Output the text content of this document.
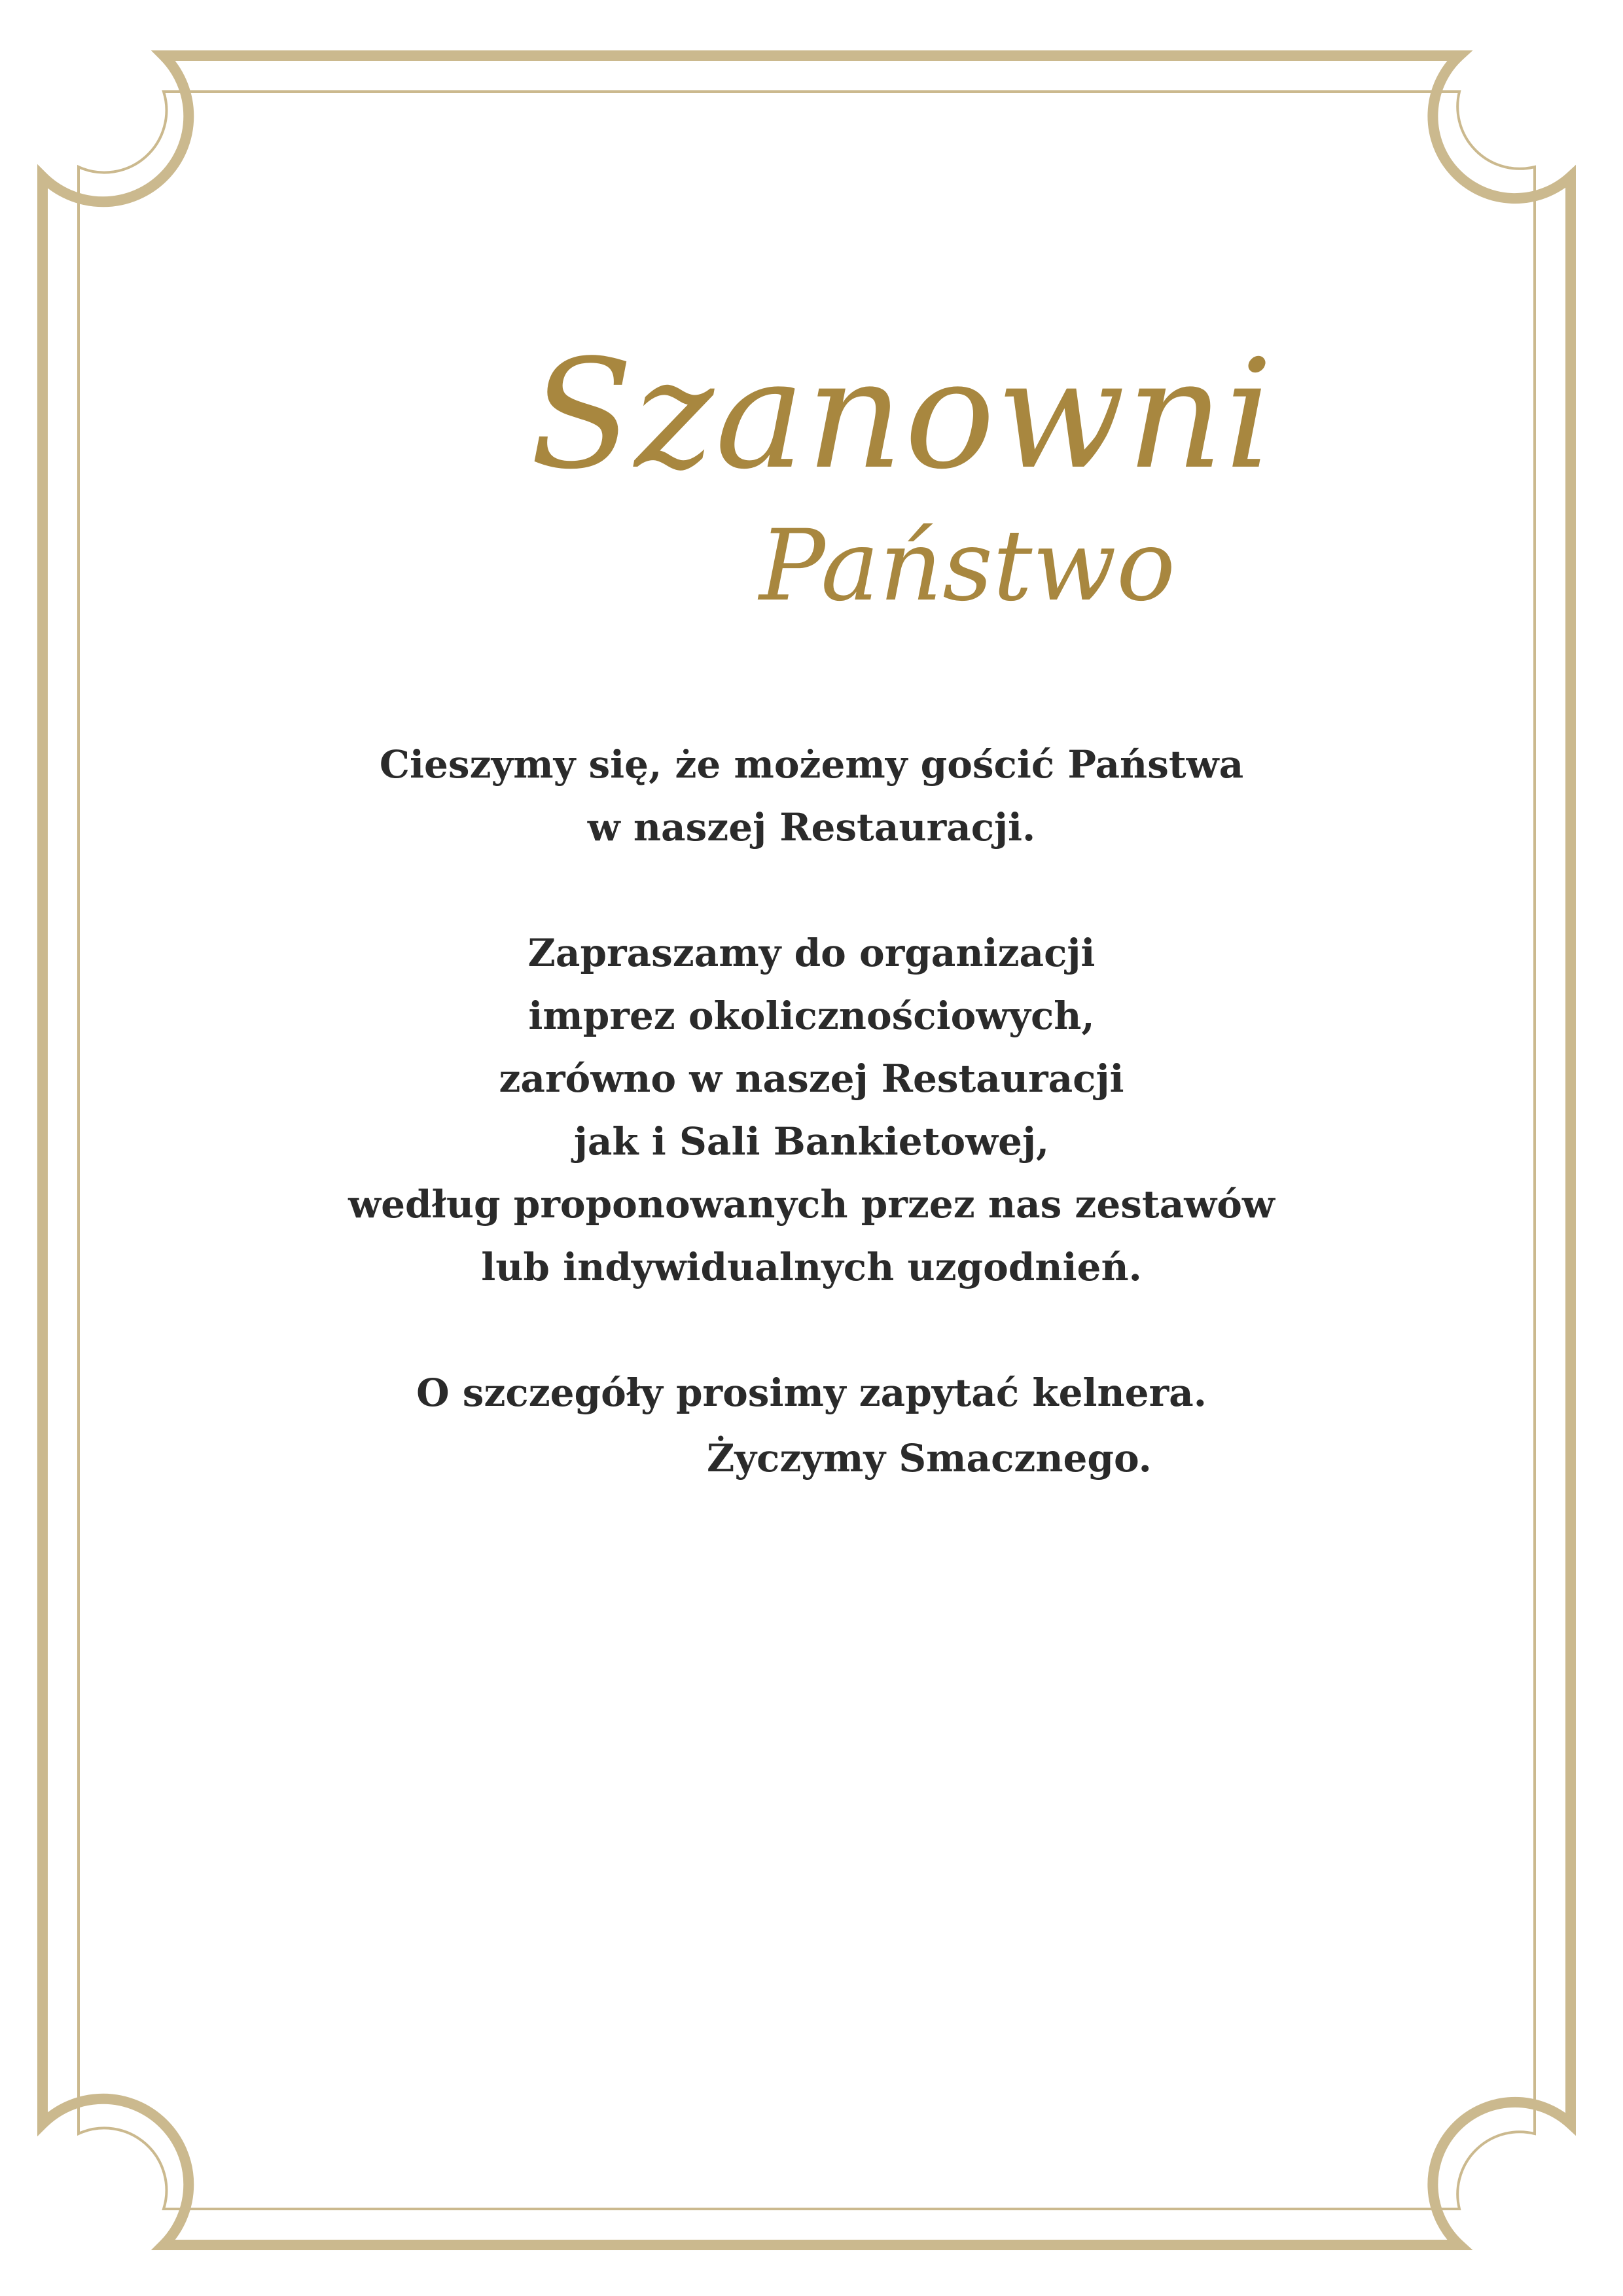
Szanowni
Państwo
Cieszymy się, że możemy gościć Państwa
w naszej Restauracji.
Zapraszamy do organizacji
imprez okolicznościowych,
zarówno w naszej Restauracji
jak i Sali Bankietowej,
według proponowanych przez nas zestawów
lub indywidualnych uzgodnień.
O szczegóły prosimy zapytać kelnera.
Życzymy Smacznego.
